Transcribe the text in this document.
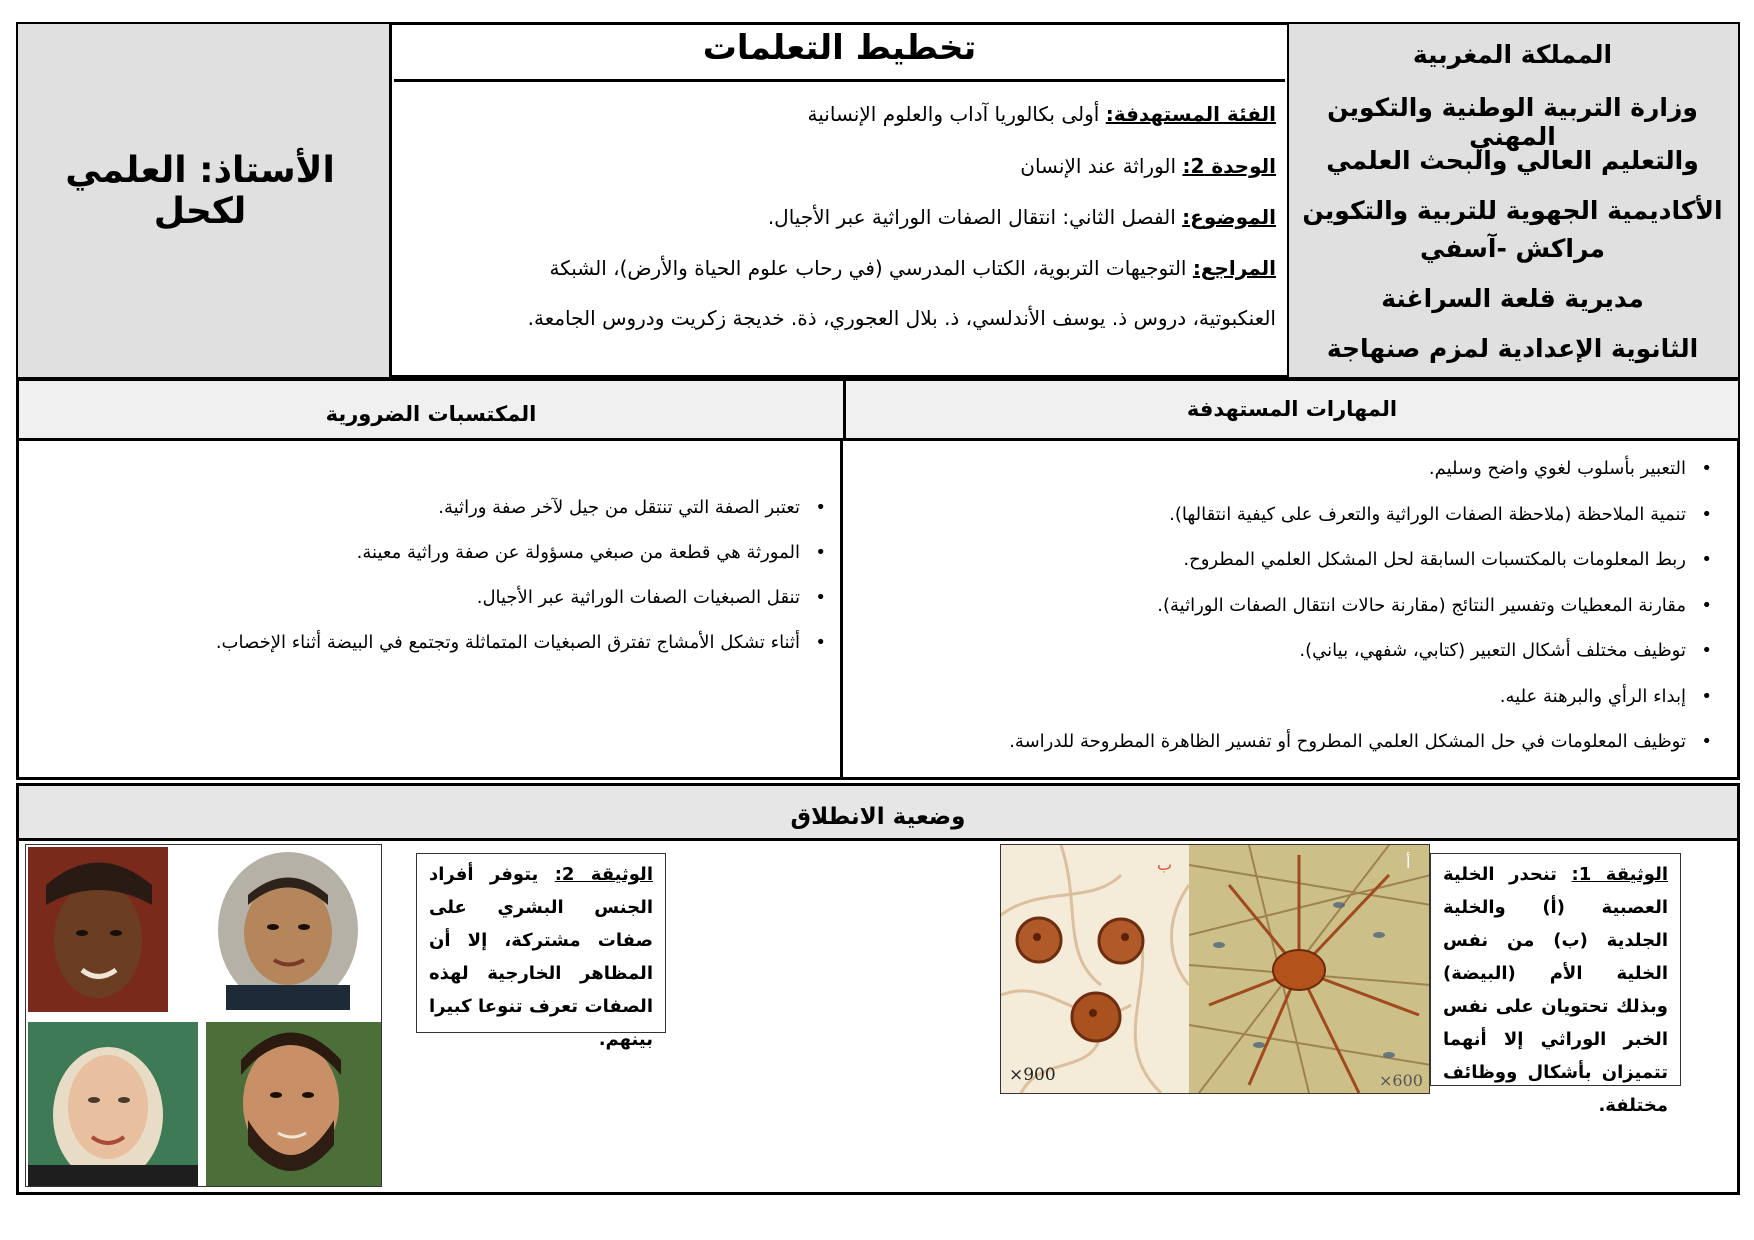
المملكة المغربية
وزارة التربية الوطنية والتكوين المهني
والتعليم العالي والبحث العلمي
الأكاديمية الجهوية للتربية والتكوين
مراكش -آسفي
مديرية قلعة السراغنة
الثانوية الإعدادية لمزم صنهاجة
تخطيط التعلمات
الأستاذ: العلمي لكحل
الفئة المستهدفة: أولى بكالوريا آداب والعلوم الإنسانية
الوحدة 2: الوراثة عند الإنسان
الموضوع: الفصل الثاني: انتقال الصفات الوراثية عبر الأجيال.
المراجع: التوجيهات التربوية، الكتاب المدرسي (في رحاب علوم الحياة والأرض)، الشبكة
العنكبوتية، دروس ذ. يوسف الأندلسي، ذ. بلال العجوري، ذة. خديجة زكريت ودروس الجامعة.
المهارات المستهدفة
المكتسبات الضرورية
• التعبير بأسلوب لغوي واضح وسليم.
• تنمية الملاحظة (ملاحظة الصفات الوراثية والتعرف على كيفية انتقالها).
• ربط المعلومات بالمكتسبات السابقة لحل المشكل العلمي المطروح.
• مقارنة المعطيات وتفسير النتائج (مقارنة حالات انتقال الصفات الوراثية).
• توظيف مختلف أشكال التعبير (كتابي، شفهي، بياني).
• إبداء الرأي والبرهنة عليه.
• توظيف المعلومات في حل المشكل العلمي المطروح أو تفسير الظاهرة المطروحة للدراسة.
• تعتبر الصفة التي تنتقل من جيل لآخر صفة وراثية.
• المورثة هي قطعة من صبغي مسؤولة عن صفة وراثية معينة.
• تنقل الصبغيات الصفات الوراثية عبر الأجيال.
• أثناء تشكل الأمشاج تفترق الصبغيات المتماثلة وتجتمع في البيضة أثناء الإخصاب.
وضعية الانطلاق
الوثيقة 1: تنحدر الخلية العصبية (أ) والخلية الجلدية (ب) من نفس الخلية الأم (البيضة) وبذلك تحتويان على نفس الخبر الوراثي إلا أنهما تتميزان بأشكال ووظائف مختلفة.
الوثيقة 2: يتوفر أفراد الجنس البشري على صفات مشتركة، إلا أن المظاهر الخارجية لهذه الصفات تعرف تنوعا كبيرا بينهم.
ب	أ
×900	×600
